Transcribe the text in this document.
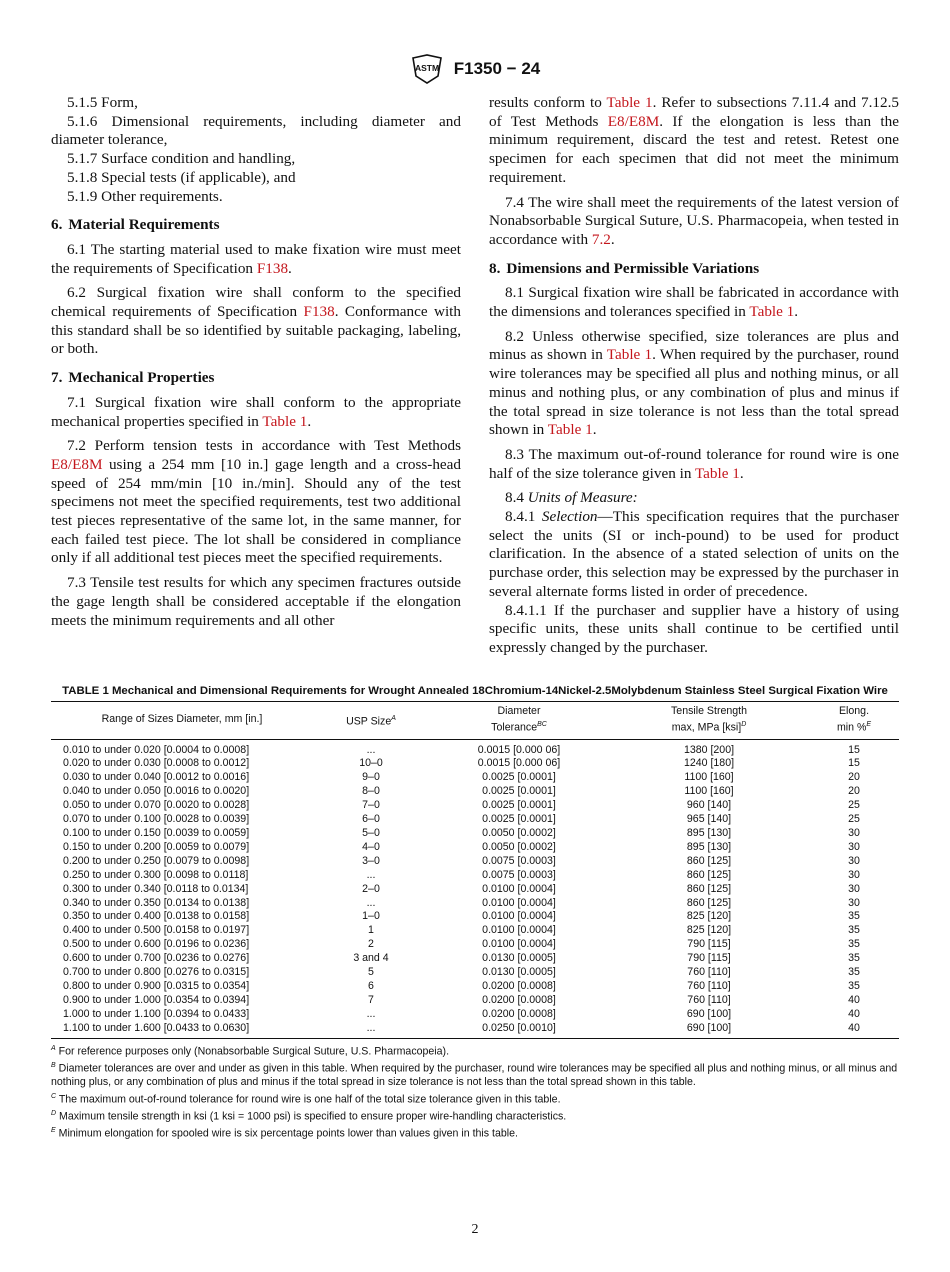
ASTM F1350 − 24

5.1.5 Form,

5.1.6 Dimensional requirements, including diameter and diameter tolerance,

5.1.7 Surface condition and handling,

5.1.8 Special tests (if applicable), and

5.1.9 Other requirements.

6. Material Requirements

6.1 The starting material used to make fixation wire must meet the requirements of Specification F138.

6.2 Surgical fixation wire shall conform to the specified chemical requirements of Specification F138. Conformance with this standard shall be so identified by suitable packaging, labeling, or both.

7. Mechanical Properties

7.1 Surgical fixation wire shall conform to the appropriate mechanical properties specified in Table 1.

7.2 Perform tension tests in accordance with Test Methods E8/E8M using a 254 mm [10 in.] gage length and a cross-head speed of 254 mm/min [10 in./min]. Should any of the test specimens not meet the specified requirements, test two additional test pieces representative of the same lot, in the same manner, for each failed test piece. The lot shall be considered in compliance only if all additional test pieces meet the specified requirements.

7.3 Tensile test results for which any specimen fractures outside the gage length shall be considered acceptable if the elongation meets the minimum requirements and all other

results conform to Table 1. Refer to subsections 7.11.4 and 7.12.5 of Test Methods E8/E8M. If the elongation is less than the minimum requirement, discard the test and retest. Retest one specimen for each specimen that did not meet the minimum requirement.

7.4 The wire shall meet the requirements of the latest version of Nonabsorbable Surgical Suture, U.S. Pharmacopeia, when tested in accordance with 7.2.

8. Dimensions and Permissible Variations

8.1 Surgical fixation wire shall be fabricated in accordance with the dimensions and tolerances specified in Table 1.

8.2 Unless otherwise specified, size tolerances are plus and minus as shown in Table 1. When required by the purchaser, round wire tolerances may be specified all plus and nothing minus, or all minus and nothing plus, or any combination of plus and minus if the total spread in size tolerance is not less than the total spread shown in Table 1.

8.3 The maximum out-of-round tolerance for round wire is one half of the size tolerance given in Table 1.

8.4 Units of Measure:

8.4.1 Selection—This specification requires that the purchaser select the units (SI or inch-pound) to be used for product clarification. In the absence of a stated selection of units on the purchase order, this selection may be expressed by the purchaser in several alternate forms listed in order of precedence.

8.4.1.1 If the purchaser and supplier have a history of using specific units, these units shall continue to be certified until expressly changed by the purchaser.

TABLE 1 Mechanical and Dimensional Requirements for Wrought Annealed 18Chromium-14Nickel-2.5Molybdenum Stainless Steel Surgical Fixation Wire
Range of Sizes Diameter, mm [in.]	USP Size$^A$	Diameter
Tolerance$^{BC}$	Tensile Strength
max, MPa [ksi]$^D$	Elong.
min %$^E$
0.010 to under 0.020 [0.0004 to 0.0008]	...	0.0015 [0.000 06]	1380 [200]	15
0.020 to under 0.030 [0.0008 to 0.0012]	10–0	0.0015 [0.000 06]	1240 [180]	15
0.030 to under 0.040 [0.0012 to 0.0016]	9–0	0.0025 [0.0001]	1100 [160]	20
0.040 to under 0.050 [0.0016 to 0.0020]	8–0	0.0025 [0.0001]	1100 [160]	20
0.050 to under 0.070 [0.0020 to 0.0028]	7–0	0.0025 [0.0001]	960 [140]	25
0.070 to under 0.100 [0.0028 to 0.0039]	6–0	0.0025 [0.0001]	965 [140]	25
0.100 to under 0.150 [0.0039 to 0.0059]	5–0	0.0050 [0.0002]	895 [130]	30
0.150 to under 0.200 [0.0059 to 0.0079]	4–0	0.0050 [0.0002]	895 [130]	30
0.200 to under 0.250 [0.0079 to 0.0098]	3–0	0.0075 [0.0003]	860 [125]	30
0.250 to under 0.300 [0.0098 to 0.0118]	...	0.0075 [0.0003]	860 [125]	30
0.300 to under 0.340 [0.0118 to 0.0134]	2–0	0.0100 [0.0004]	860 [125]	30
0.340 to under 0.350 [0.0134 to 0.0138]	...	0.0100 [0.0004]	860 [125]	30
0.350 to under 0.400 [0.0138 to 0.0158]	1–0	0.0100 [0.0004]	825 [120]	35
0.400 to under 0.500 [0.0158 to 0.0197]	1	0.0100 [0.0004]	825 [120]	35
0.500 to under 0.600 [0.0196 to 0.0236]	2	0.0100 [0.0004]	790 [115]	35
0.600 to under 0.700 [0.0236 to 0.0276]	3 and 4	0.0130 [0.0005]	790 [115]	35
0.700 to under 0.800 [0.0276 to 0.0315]	5	0.0130 [0.0005]	760 [110]	35
0.800 to under 0.900 [0.0315 to 0.0354]	6	0.0200 [0.0008]	760 [110]	35
0.900 to under 1.000 [0.0354 to 0.0394]	7	0.0200 [0.0008]	760 [110]	40
1.000 to under 1.100 [0.0394 to 0.0433]	...	0.0200 [0.0008]	690 [100]	40
1.100 to under 1.600 [0.0433 to 0.0630]	...	0.0250 [0.0010]	690 [100]	40
$^A$ For reference purposes only (Nonabsorbable Surgical Suture, U.S. Pharmacopeia).
$^B$ Diameter tolerances are over and under as given in this table. When required by the purchaser, round wire tolerances may be specified all plus and nothing minus, or all minus and nothing plus, or any combination of plus and minus if the total spread in size tolerance is not less than the total spread shown in this table.
$^C$ The maximum out-of-round tolerance for round wire is one half of the total size tolerance given in this table.
$^D$ Maximum tensile strength in ksi (1 ksi = 1000 psi) is specified to ensure proper wire-handling characteristics.
$^E$ Minimum elongation for spooled wire is six percentage points lower than values given in this table.
2
